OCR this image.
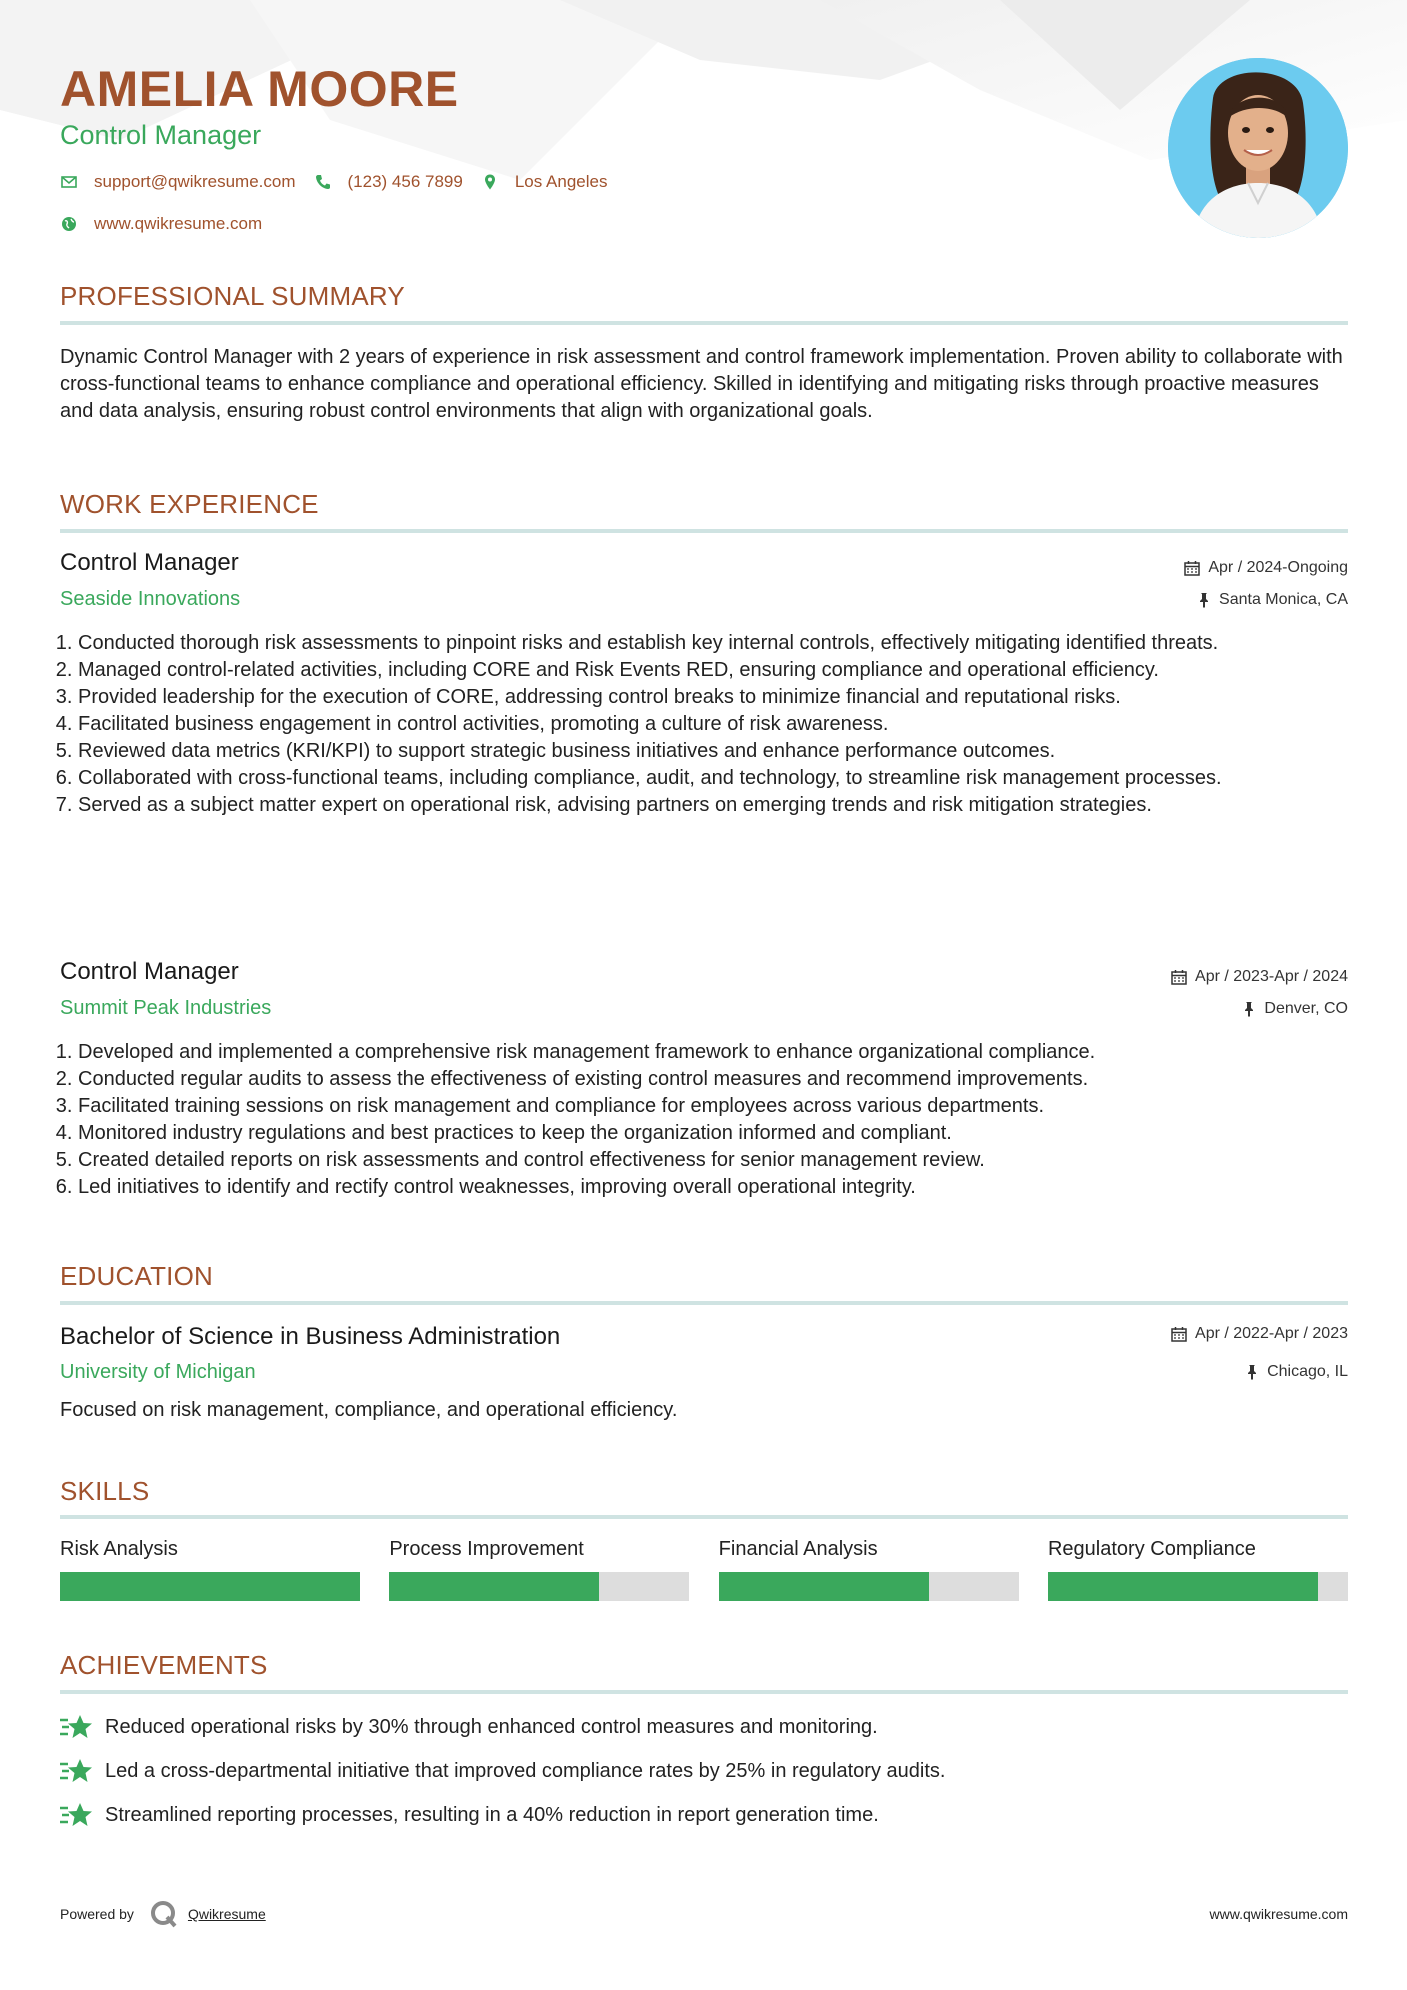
AMELIA MOORE
Control Manager
support@qwikresume.com	(123) 456 7899	Los Angeles
www.qwikresume.com
PROFESSIONAL SUMMARY

Dynamic Control Manager with 2 years of experience in risk assessment and control framework implementation. Proven ability to collaborate with cross-functional teams to enhance compliance and operational efficiency. Skilled in identifying and mitigating risks through proactive measures and data analysis, ensuring robust control environments that align with organizational goals.

WORK EXPERIENCE
Control Manager	Apr / 2024-Ongoing
Seaside Innovations	Santa Monica, CA
1. Conducted thorough risk assessments to pinpoint risks and establish key internal controls, effectively mitigating identified threats.
2. Managed control-related activities, including CORE and Risk Events RED, ensuring compliance and operational efficiency.
3. Provided leadership for the execution of CORE, addressing control breaks to minimize financial and reputational risks.
4. Facilitated business engagement in control activities, promoting a culture of risk awareness.
5. Reviewed data metrics (KRI/KPI) to support strategic business initiatives and enhance performance outcomes.
6. Collaborated with cross-functional teams, including compliance, audit, and technology, to streamline risk management processes.
7. Served as a subject matter expert on operational risk, advising partners on emerging trends and risk mitigation strategies.
Control Manager	Apr / 2023-Apr / 2024
Summit Peak Industries	Denver, CO
1. Developed and implemented a comprehensive risk management framework to enhance organizational compliance.
2. Conducted regular audits to assess the effectiveness of existing control measures and recommend improvements.
3. Facilitated training sessions on risk management and compliance for employees across various departments.
4. Monitored industry regulations and best practices to keep the organization informed and compliant.
5. Created detailed reports on risk assessments and control effectiveness for senior management review.
6. Led initiatives to identify and rectify control weaknesses, improving overall operational integrity.
EDUCATION
Bachelor of Science in Business Administration	Apr / 2022-Apr / 2023
University of Michigan	Chicago, IL

Focused on risk management, compliance, and operational efficiency.

SKILLS
Risk Analysis	Process Improvement	Financial Analysis	Regulatory Compliance
ACHIEVEMENTS
Reduced operational risks by 30% through enhanced control measures and monitoring.
Led a cross-departmental initiative that improved compliance rates by 25% in regulatory audits.
Streamlined reporting processes, resulting in a 40% reduction in report generation time.
Powered by	Qwikresume	www.qwikresume.com
